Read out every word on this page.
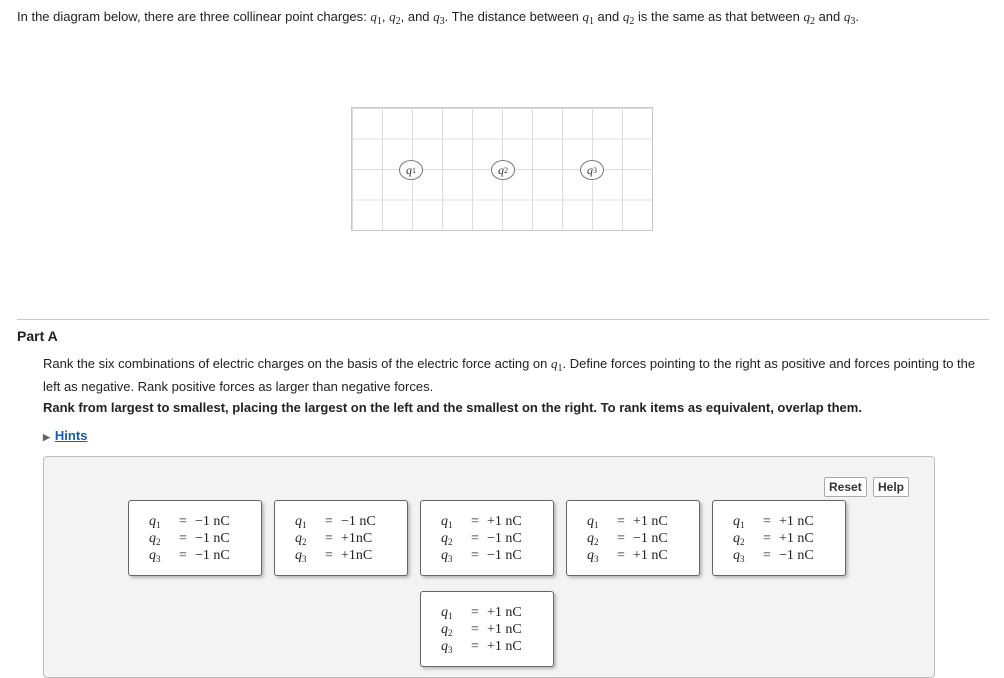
In the diagram below, there are three collinear point charges: $q_1$, $q_2$, and $q_3$. The distance between $q_1$ and $q_2$ is the same as that between $q_2$ and $q_3$.
q 1	q 2	q 3
Part A
Rank the six combinations of electric charges on the basis of the electric force acting on $q_1$. Define forces pointing to the right as positive and forces pointing to the left as negative. Rank positive forces as larger than negative forces.
Rank from largest to smallest, placing the largest on the left and the smallest on the right. To rank items as equivalent, overlap them.
▶ Hints
Reset	Help
$q_1$	= −1 nC
$q_2$	= −1 nC
$q_3$	= −1 nC
$q_1$	= −1 nC
$q_2$	= +1nC
$q_3$	= +1nC
$q_1$	= +1 nC
$q_2$	= −1 nC
$q_3$	= −1 nC
$q_1$	= +1 nC
$q_2$	= −1 nC
$q_3$	= +1 nC
$q_1$	= +1 nC
$q_2$	= +1 nC
$q_3$	= −1 nC
$q_1$	= +1 nC
$q_2$	= +1 nC
$q_3$	= +1 nC
